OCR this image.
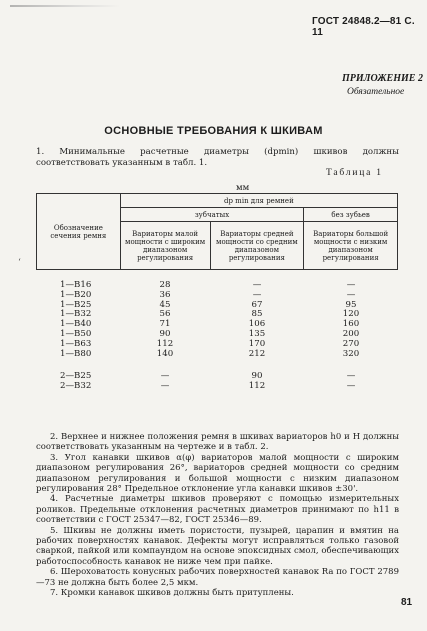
ГОСТ 24848.2—81 С. 11
ПРИЛОЖЕНИЕ 2
Обязательное
ОСНОВНЫЕ ТРЕБОВАНИЯ К ШКИВАМ
1. Минимальные расчетные диаметры (dpmin) шкивов должны соответствовать указанным в табл. 1.
Таблица 1
мм
Обозначение сечения ремня	dp min для ремней		
	зубчатых		без зубьев
	Вариаторы малой мощности с широким диапазоном регулирования	Вариаторы средней мощности со средним диапазоном регулирования	Вариаторы большой мощности с низким диапазоном регулирования
‘
1—В16	28	—	—
1—В20	36	—	—
1—В25	45	67	95
1—В32	56	85	120
1—В40	71	106	160
1—В50	90	135	200
1—В63	112	170	270
1—В80	140	212	320
2—В25	—	90	—
2—В32	—	112	—

2. Верхнее и нижнее положения ремня в шкивах вариаторов h0 и H должны соответствовать указанным на чертеже и в табл. 2.

3. Угол канавки шкивов α(φ) вариаторов малой мощности с широким диапазоном регулирования 26°, вариаторов средней мощности со средним диапазоном регулирования и большой мощности с низким диапазоном регулирования 28° Предельное отклонение угла канавки шкивов ±30'.

4. Расчетные диаметры шкивов проверяют с помощью измерительных роликов. Предельные отклонения расчетных диаметров принимают по h11 в соответствии с ГОСТ 25347—82, ГОСТ 25346—89.

5. Шкивы не должны иметь пористости, пузырей, царапин и вмятин на рабочих поверхностях канавок. Дефекты могут исправляться только газовой сваркой, пайкой или компаундом на основе эпоксидных смол, обеспечивающих работоспособность канавок не ниже чем при пайке.

6. Шероховатость конусных рабочих поверхностей канавок Ra по ГОСТ 2789—73 не должна быть более 2,5 мкм.

7. Кромки канавок шкивов должны быть притуплены.

81
